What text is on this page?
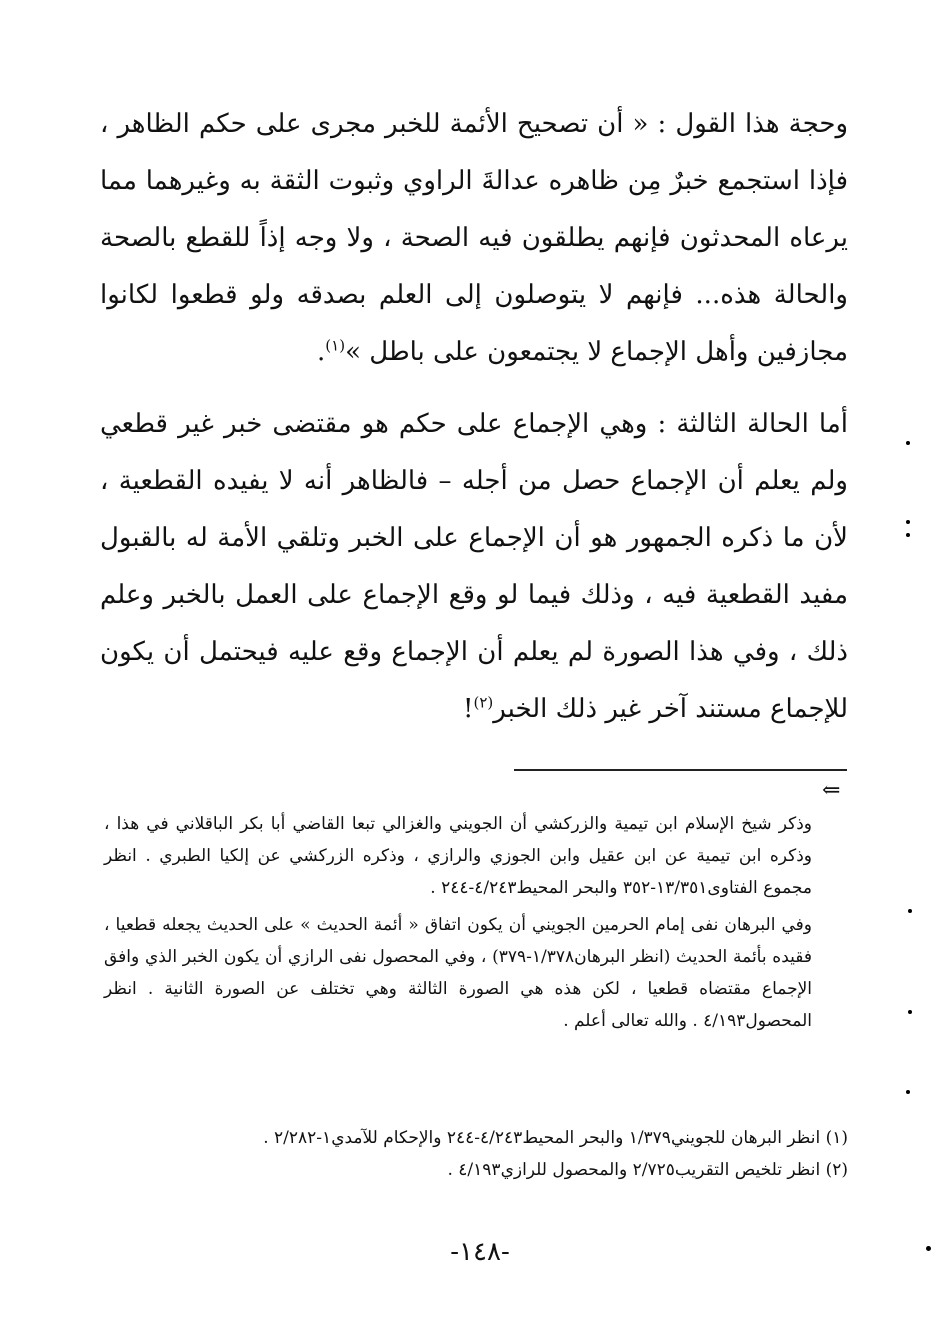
وحجة هذا القول : « أن تصحيح الأئمة للخبر مجرى على حكم الظاهر ، فإذا استجمع خبرٌ مِن ظاهره عدالةَ الراوي وثبوت الثقة به وغيرهما مما يرعاه المحدثون فإنهم يطلقون فيه الصحة ، ولا وجه إذاً للقطع بالصحة والحالة هذه... فإنهم لا يتوصلون إلى العلم بصدقه ولو قطعوا لكانوا مجازفين وأهل الإجماع لا يجتمعون على باطل »$^{(١)}$.

أما الحالة الثالثة : وهي الإجماع على حكم هو مقتضى خبر غير قطعي ولم يعلم أن الإجماع حصل من أجله – فالظاهر أنه لا يفيده القطعية ، لأن ما ذكره الجمهور هو أن الإجماع على الخبر وتلقي الأمة له بالقبول مفيد القطعية فيه ، وذلك فيما لو وقع الإجماع على العمل بالخبر وعلم ذلك ، وفي هذا الصورة لم يعلم أن الإجماع وقع عليه فيحتمل أن يكون للإجماع مستند آخر غير ذلك الخبر$^{(٢)}$!

⇐

وذكر شيخ الإسلام ابن تيمية والزركشي أن الجويني والغزالي تبعا القاضي أبا بكر الباقلاني في هذا ، وذكره ابن تيمية عن ابن عقيل وابن الجوزي والرازي ، وذكره الزركشي عن إلكيا الطبري . انظر مجموع الفتاوى١٣/٣٥١-٣٥٢ والبحر المحيط٤/٢٤٣-٢٤٤ .

وفي البرهان نفى إمام الحرمين الجويني أن يكون اتفاق « أئمة الحديث » على الحديث يجعله قطعيا ، فقيده بأئمة الحديث (انظر البرهان١/٣٧٨-٣٧٩) ، وفي المحصول نفى الرازي أن يكون الخبر الذي وافق الإجماع مقتضاه قطعيا ، لكن هذه هي الصورة الثالثة وهي تختلف عن الصورة الثانية . انظر المحصول٤/١٩٣ . والله تعالى أعلم .

(١) انظر البرهان للجويني١/٣٧٩ والبحر المحيط٤/٢٤٣-٢٤٤ والإحكام للآمدي١-٢/٢٨٢ .

(٢) انظر تلخيص التقريب٢/٧٢٥ والمحصول للرازي٤/١٩٣ .

-١٤٨-
